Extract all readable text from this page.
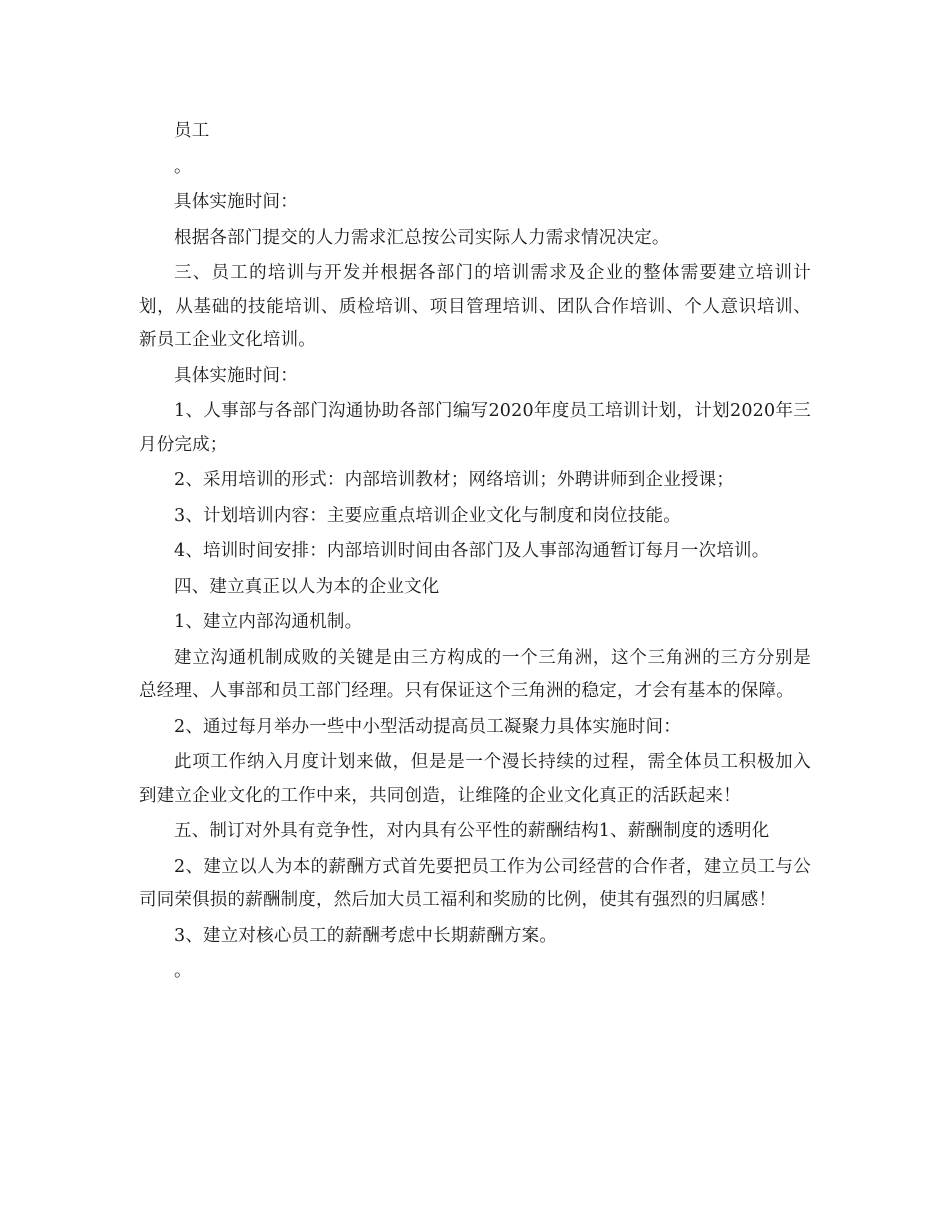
员工

。

具体实施时间：

根据各部门提交的人力需求汇总按公司实际人力需求情况决定。

三、员工的培训与开发并根据各部门的培训需求及企业的整体需要建立培训计划，从基础的技能培训、质检培训、项目管理培训、团队合作培训、个人意识培训、新员工企业文化培训。

具体实施时间：

1、人事部与各部门沟通协助各部门编写2020年度员工培训计划，计划2020年三月份完成；

2、采用培训的形式：内部培训教材；网络培训；外聘讲师到企业授课；

3、计划培训内容：主要应重点培训企业文化与制度和岗位技能。

4、培训时间安排：内部培训时间由各部门及人事部沟通暂订每月一次培训。

四、建立真正以人为本的企业文化

1、建立内部沟通机制。

建立沟通机制成败的关键是由三方构成的一个三角洲，这个三角洲的三方分别是总经理、人事部和员工部门经理。只有保证这个三角洲的稳定，才会有基本的保障。

2、通过每月举办一些中小型活动提高员工凝聚力具体实施时间：

此项工作纳入月度计划来做，但是是一个漫长持续的过程，需全体员工积极加入到建立企业文化的工作中来，共同创造，让维隆的企业文化真正的活跃起来！

五、制订对外具有竞争性，对内具有公平性的薪酬结构1、薪酬制度的透明化

2、建立以人为本的薪酬方式首先要把员工作为公司经营的合作者，建立员工与公司同荣俱损的薪酬制度，然后加大员工福利和奖励的比例，使其有强烈的归属感！

3、建立对核心员工的薪酬考虑中长期薪酬方案。

。
